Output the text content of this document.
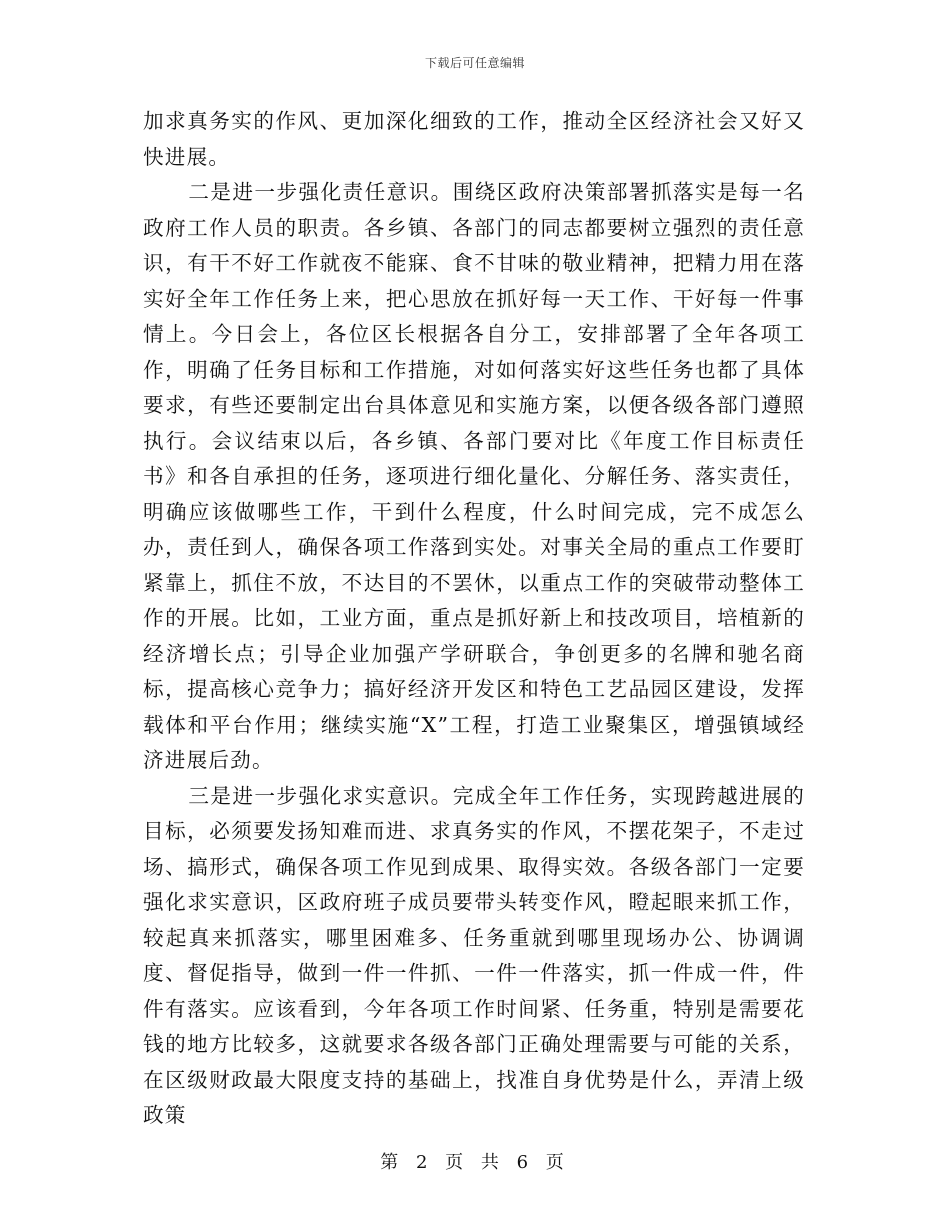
下载后可任意编辑

加求真务实的作风、更加深化细致的工作，推动全区经济社会又好又快进展。

二是进一步强化责任意识。围绕区政府决策部署抓落实是每一名政府工作人员的职责。各乡镇、各部门的同志都要树立强烈的责任意识，有干不好工作就夜不能寐、食不甘味的敬业精神，把精力用在落实好全年工作任务上来，把心思放在抓好每一天工作、干好每一件事情上。今日会上，各位区长根据各自分工，安排部署了全年各项工作，明确了任务目标和工作措施，对如何落实好这些任务也都了具体要求，有些还要制定出台具体意见和实施方案，以便各级各部门遵照执行。会议结束以后，各乡镇、各部门要对比《年度工作目标责任书》和各自承担的任务，逐项进行细化量化、分解任务、落实责任，明确应该做哪些工作，干到什么程度，什么时间完成，完不成怎么办，责任到人，确保各项工作落到实处。对事关全局的重点工作要盯紧靠上，抓住不放，不达目的不罢休，以重点工作的突破带动整体工作的开展。比如，工业方面，重点是抓好新上和技改项目，培植新的经济增长点；引导企业加强产学研联合，争创更多的名牌和驰名商标，提高核心竞争力；搞好经济开发区和特色工艺品园区建设，发挥载体和平台作用；继续实施“X”工程，打造工业聚集区，增强镇域经济进展后劲。

三是进一步强化求实意识。完成全年工作任务，实现跨越进展的目标，必须要发扬知难而进、求真务实的作风，不摆花架子，不走过场、搞形式，确保各项工作见到成果、取得实效。各级各部门一定要强化求实意识，区政府班子成员要带头转变作风，瞪起眼来抓工作，较起真来抓落实，哪里困难多、任务重就到哪里现场办公、协调调度、督促指导，做到一件一件抓、一件一件落实，抓一件成一件，件件有落实。应该看到，今年各项工作时间紧、任务重，特别是需要花钱的地方比较多，这就要求各级各部门正确处理需要与可能的关系，在区级财政最大限度支持的基础上，找准自身优势是什么，弄清上级政策

第 2 页 共 6 页
